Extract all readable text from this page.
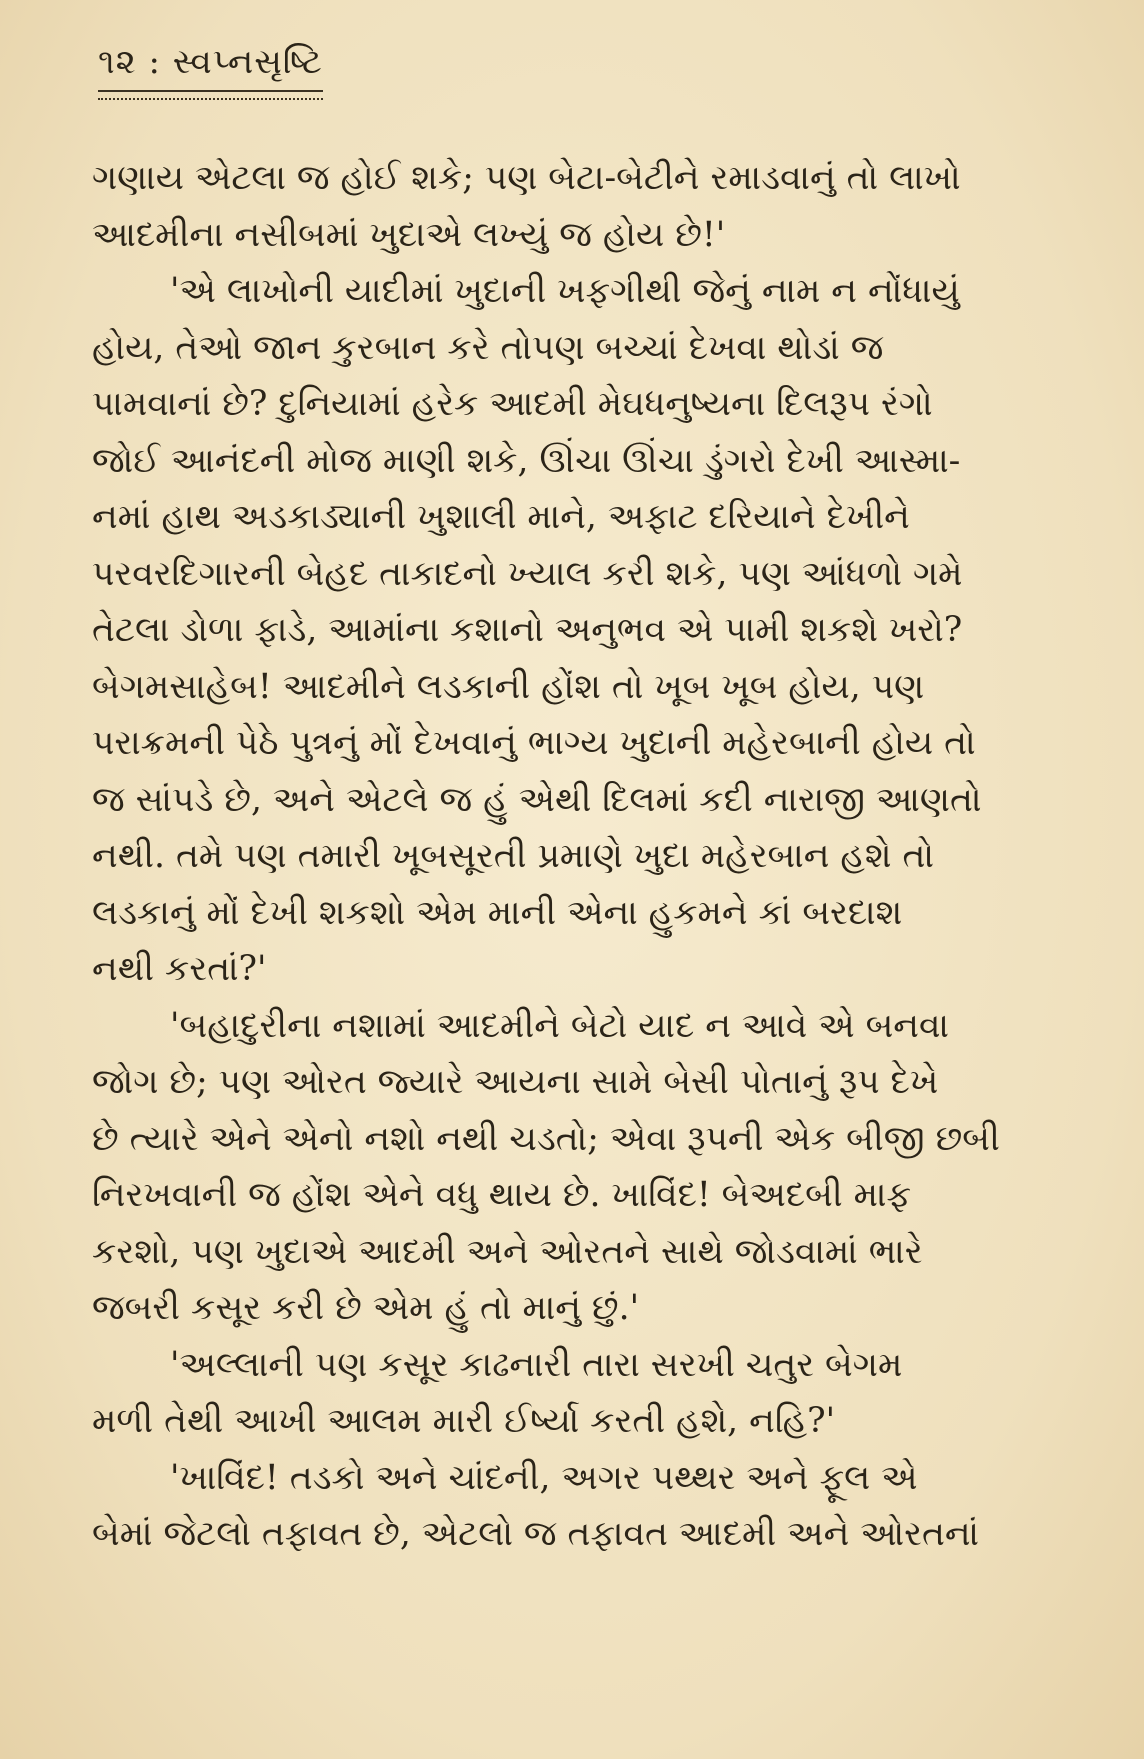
૧૨ : સ્વપ્નસૃષ્ટિ
ગણાય એટલા જ હોઈ શકે; પણ બેટા-બેટીને રમાડવાનું તો લાખો
આદમીના નસીબમાં ખુદાએ લખ્યું જ હોય છે!'
'એ લાખોની યાદીમાં ખુદાની ખફગીથી જેનું નામ ન નોંધાયું
હોય, તેઓ જાન કુરબાન કરે તોપણ બચ્ચાં દેખવા થોડાં જ
પામવાનાં છે? દુનિયામાં હરેક આદમી મેઘધનુષ્યના દિલરૂપ રંગો
જોઈ આનંદની મોજ માણી શકે, ઊંચા ઊંચા ડુંગરો દેખી આસ્મા-
નમાં હાથ અડકાડ્યાની ખુશાલી માને, અફાટ દરિયાને દેખીને
પરવરદિગારની બેહદ તાકાદનો ખ્યાલ કરી શકે, પણ આંધળો ગમે
તેટલા ડોળા ફાડે, આમાંના કશાનો અનુભવ એ પામી શકશે ખરો?
બેગમસાહેબ! આદમીને લડકાની હોંશ તો ખૂબ ખૂબ હોય, પણ
પરાક્રમની પેઠે પુત્રનું મોં દેખવાનું ભાગ્ય ખુદાની મહેરબાની હોય તો
જ સાંપડે છે, અને એટલે જ હું એથી દિલમાં કદી નારાજી આણતો
નથી. તમે પણ તમારી ખૂબસૂરતી પ્રમાણે ખુદા મહેરબાન હશે તો
લડકાનું મોં દેખી શકશો એમ માની એના હુકમને કાં બરદાશ
નથી કરતાં?'
'બહાદુરીના નશામાં આદમીને બેટો યાદ ન આવે એ બનવા
જોગ છે; પણ ઓરત જ્યારે આયના સામે બેસી પોતાનું રૂપ દેખે
છે ત્યારે એને એનો નશો નથી ચડતો; એવા રૂપની એક બીજી છબી
નિરખવાની જ હોંશ એને વધુ થાય છે. ખાવિંદ! બેઅદબી માફ
કરશો, પણ ખુદાએ આદમી અને ઓરતને સાથે જોડવામાં ભારે
જબરી કસૂર કરી છે એમ હું તો માનું છું.'
'અલ્લાની પણ કસૂર કાઢનારી તારા સરખી ચતુર બેગમ
મળી તેથી આખી આલમ મારી ઈર્ષ્યા કરતી હશે, નહિ?'
'ખાવિંદ! તડકો અને ચાંદની, અગર પથ્થર અને ફૂલ એ
બેમાં જેટલો તફાવત છે, એટલો જ તફાવત આદમી અને ઓરતનાં
